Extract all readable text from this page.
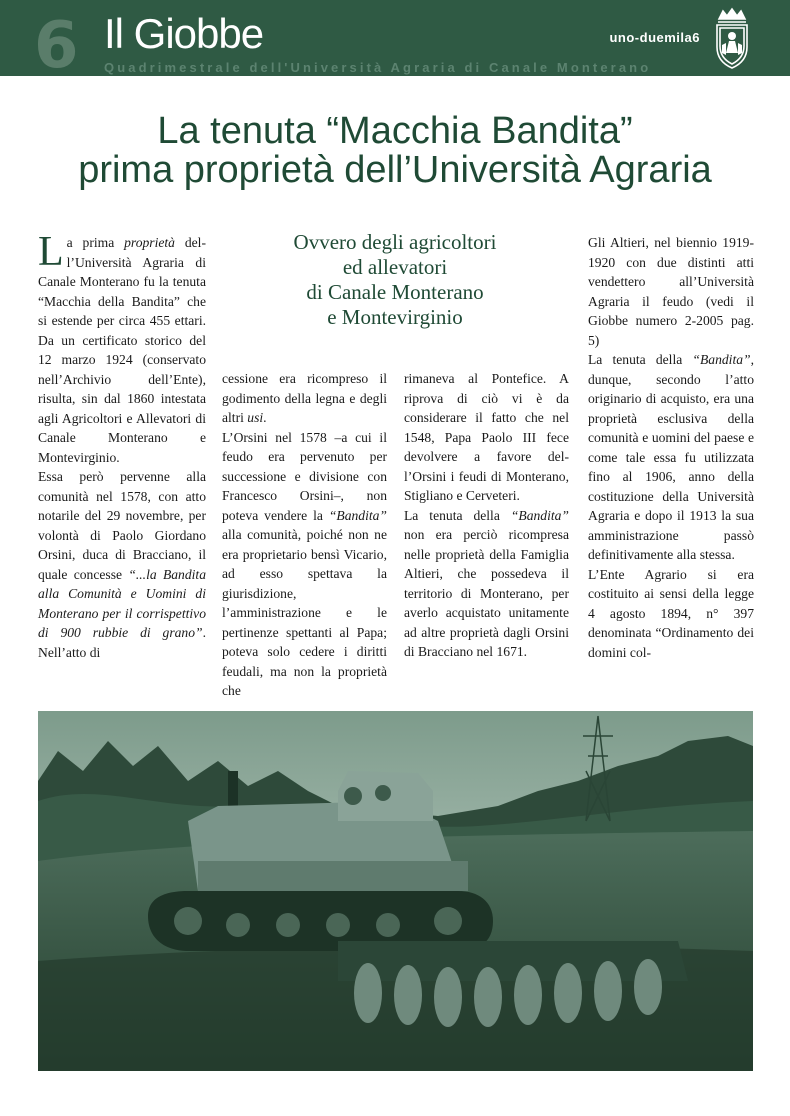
6 Il Giobbe
Quadrimestrale dell'Università Agraria di Canale Monterano
uno-duemila6
La tenuta “Macchia Bandita”
prima proprietà dell’Università Agraria
Ovvero degli agricoltori
ed allevatori
di Canale Monterano
e Montevirginio

La prima proprietà del-l’Università Agraria di Canale Monterano fu la tenuta “Macchia della Bandita” che si estende per circa 455 ettari. Da un certificato storico del 12 marzo 1924 (conservato nell’Archivio dell’Ente), risulta, sin dal 1860 intestata agli Agricoltori e Allevatori di Canale Monterano e Montevirginio.

Essa però pervenne alla comunità nel 1578, con atto notarile del 29 novembre, per volontà di Paolo Giordano Orsini, duca di Bracciano, il quale concesse “...la Bandita alla Comunità e Uomini di Monterano per il corrispettivo di 900 rubbie di grano”. Nell’atto di

cessione era ricompreso il godimento della legna e degli altri usi.

L’Orsini nel 1578 –a cui il feudo era pervenuto per successione e divisione con Francesco Orsini–, non poteva vendere la “Bandita” alla comunità, poiché non ne era proprietario bensì Vicario, ad esso spettava la giurisdizione, l’amministrazione e le pertinenze spettanti al Papa; poteva solo cedere i diritti feudali, ma non la proprietà che

rimaneva al Pontefice. A riprova di ciò vi è da considerare il fatto che nel 1548, Papa Paolo III fece devolvere a favore del-l’Orsini i feudi di Monterano, Stigliano e Cerveteri.

La tenuta della “Bandita” non era perciò ricompresa nelle proprietà della Famiglia Altieri, che possedeva il territorio di Monterano, per averlo acquistato unitamente ad altre proprietà dagli Orsini di Bracciano nel 1671.

Gli Altieri, nel biennio 1919-1920 con due distinti atti vendettero all’Università Agraria il feudo (vedi il Giobbe numero 2-2005 pag. 5)

La tenuta della “Bandita”, dunque, secondo l’atto originario di acquisto, era una proprietà esclusiva della comunità e uomini del paese e come tale essa fu utilizzata fino al 1906, anno della costituzione della Università Agraria e dopo il 1913 la sua amministrazione passò definitivamente alla stessa.

L’Ente Agrario si era costituito ai sensi della legge 4 agosto 1894, n° 397 denominata “Ordinamento dei domini col-
